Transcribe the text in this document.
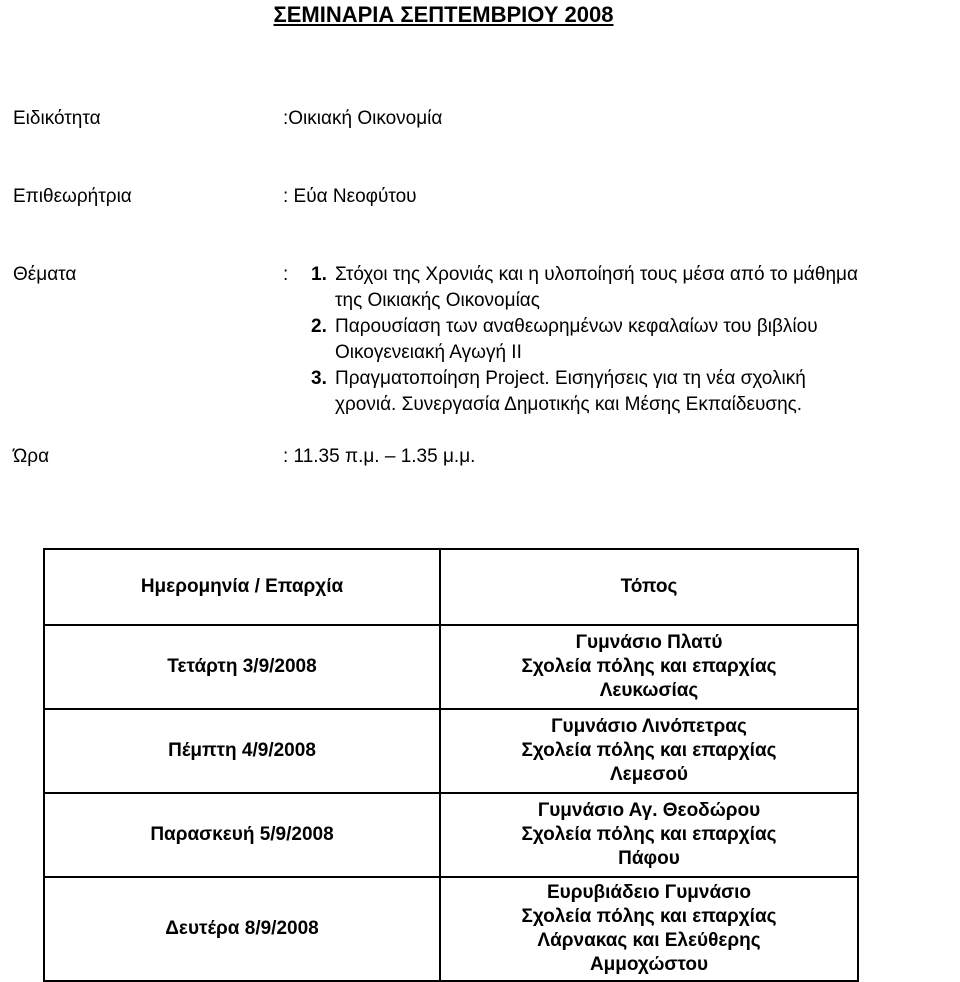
ΣΕΜΙΝΑΡΙΑ ΣΕΠΤΕΜΒΡΙΟΥ 2008
Ειδικότητα	:Οικιακή Οικονομία
Επιθεωρήτρια	: Εύα Νεοφύτου
Θέματα	: 1. Στόχοι της Χρονιάς και η υλοποίησή τους μέσα από το μάθημα
της Οικιακής Οικονομίας
2. Παρουσίαση των αναθεωρημένων κεφαλαίων του βιβλίου
Οικογενειακή Αγωγή ΙΙ
3. Πραγματοποίηση Project. Εισηγήσεις για τη νέα σχολική
χρονιά. Συνεργασία Δημοτικής και Μέσης Εκπαίδευσης.
Ώρα	: 11.35 π.μ. – 1.35 μ.μ.
Ημερομηνία / Επαρχία	Τόπος
Τετάρτη 3/9/2008	Γυμνάσιο Πλατύ
Σχολεία πόλης και επαρχίας
Λευκωσίας
Πέμπτη 4/9/2008	Γυμνάσιο Λινόπετρας
Σχολεία πόλης και επαρχίας
Λεμεσού
Παρασκευή 5/9/2008	Γυμνάσιο Αγ. Θεοδώρου
Σχολεία πόλης και επαρχίας
Πάφου
Δευτέρα 8/9/2008	Ευρυβιάδειο Γυμνάσιο
Σχολεία πόλης και επαρχίας
Λάρνακας και Ελεύθερης
Αμμοχώστου
